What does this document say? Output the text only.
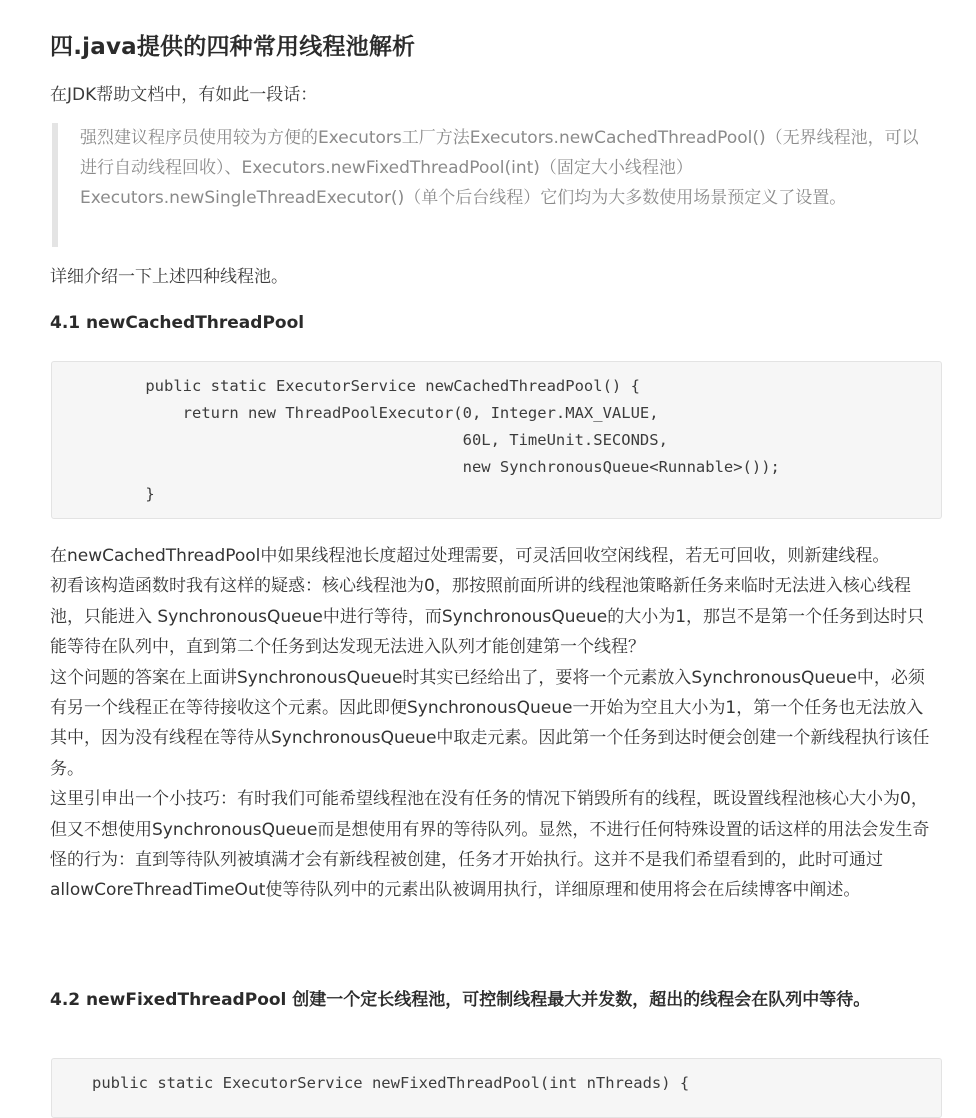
四.java提供的四种常用线程池解析

在JDK帮助文档中，有如此一段话：

强烈建议程序员使用较为方便的Executors工厂方法Executors.newCachedThreadPool()（无界线程池，可以进行自动线程回收）、Executors.newFixedThreadPool(int)（固定大小线程池）Executors.newSingleThreadExecutor()（单个后台线程）它们均为大多数使用场景预定义了设置。

详细介绍一下上述四种线程池。

4.1 newCachedThreadPool
public static ExecutorService newCachedThreadPool() {
return new ThreadPoolExecutor(0, Integer.MAX_VALUE,
60L, TimeUnit.SECONDS,
new SynchronousQueue<Runnable>());
}
在newCachedThreadPool中如果线程池长度超过处理需要，可灵活回收空闲线程，若无可回收，则新建线程。
初看该构造函数时我有这样的疑惑：核心线程池为0，那按照前面所讲的线程池策略新任务来临时无法进入核心线程池，只能进入 SynchronousQueue中进行等待，而SynchronousQueue的大小为1，那岂不是第一个任务到达时只能等待在队列中，直到第二个任务到达发现无法进入队列才能创建第一个线程？
这个问题的答案在上面讲SynchronousQueue时其实已经给出了，要将一个元素放入SynchronousQueue中，必须有另一个线程正在等待接收这个元素。因此即便SynchronousQueue一开始为空且大小为1，第一个任务也无法放入其中，因为没有线程在等待从SynchronousQueue中取走元素。因此第一个任务到达时便会创建一个新线程执行该任务。
这里引申出一个小技巧：有时我们可能希望线程池在没有任务的情况下销毁所有的线程，既设置线程池核心大小为0，但又不想使用SynchronousQueue而是想使用有界的等待队列。显然，不进行任何特殊设置的话这样的用法会发生奇怪的行为：直到等待队列被填满才会有新线程被创建，任务才开始执行。这并不是我们希望看到的，此时可通过allowCoreThreadTimeOut使等待队列中的元素出队被调用执行，详细原理和使用将会在后续博客中阐述。
4.2 newFixedThreadPool 创建一个定长线程池，可控制线程最大并发数，超出的线程会在队列中等待。
public static ExecutorService newFixedThreadPool(int nThreads) {
